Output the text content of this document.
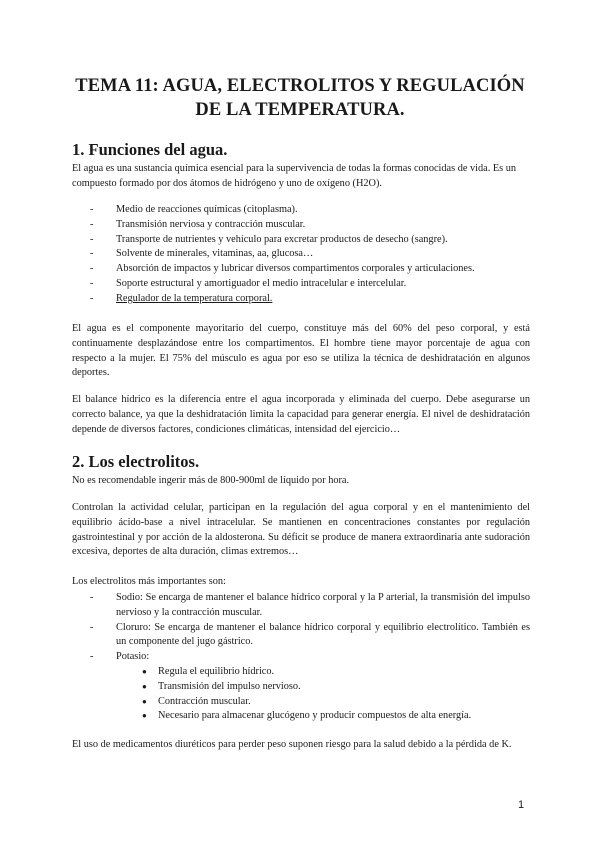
TEMA 11: AGUA, ELECTROLITOS Y REGULACIÓN
DE LA TEMPERATURA.
1. Funciones del agua.

El agua es una sustancia química esencial para la supervivencia de todas la formas conocidas de vida. Es un compuesto formado por dos átomos de hidrógeno y uno de oxígeno (H2O).

- Medio de reacciones químicas (citoplasma).
- Transmisión nerviosa y contracción muscular.
- Transporte de nutrientes y vehículo para excretar productos de desecho (sangre).
- Solvente de minerales, vitaminas, aa, glucosa…
- Absorción de impactos y lubricar diversos compartimentos corporales y articulaciones.
- Soporte estructural y amortiguador el medio intracelular e intercelular.
- Regulador de la temperatura corporal.

El agua es el componente mayoritario del cuerpo, constituye más del 60% del peso corporal, y está continuamente desplazándose entre los compartimentos. El hombre tiene mayor porcentaje de agua con respecto a la mujer. El 75% del músculo es agua por eso se utiliza la técnica de deshidratación en algunos deportes.

El balance hídrico es la diferencia entre el agua incorporada y eliminada del cuerpo. Debe asegurarse un correcto balance, ya que la deshidratación limita la capacidad para generar energía. El nivel de deshidratación depende de diversos factores, condiciones climáticas, intensidad del ejercicio…

2. Los electrolitos.

No es recomendable ingerir más de 800-900ml de líquido por hora.

Controlan la actividad celular, participan en la regulación del agua corporal y en el mantenimiento del equilibrio ácido-base a nivel intracelular. Se mantienen en concentraciones constantes por regulación gastrointestinal y por acción de la aldosterona. Su déficit se produce de manera extraordinaria ante sudoración excesiva, deportes de alta duración, climas extremos…

Los electrolitos más importantes son:

- Sodio: Se encarga de mantener el balance hídrico corporal y la P arterial, la transmisión del impulso nervioso y la contracción muscular.
- Cloruro: Se encarga de mantener el balance hídrico corporal y equilibrio electrolítico. También es un componente del jugo gástrico.
- Potasio:
● Regula el equilibrio hídrico.
● Transmisión del impulso nervioso.
● Contracción muscular.
● Necesario para almacenar glucógeno y producir compuestos de alta energía.

El uso de medicamentos diuréticos para perder peso suponen riesgo para la salud debido a la pérdida de K.

1
